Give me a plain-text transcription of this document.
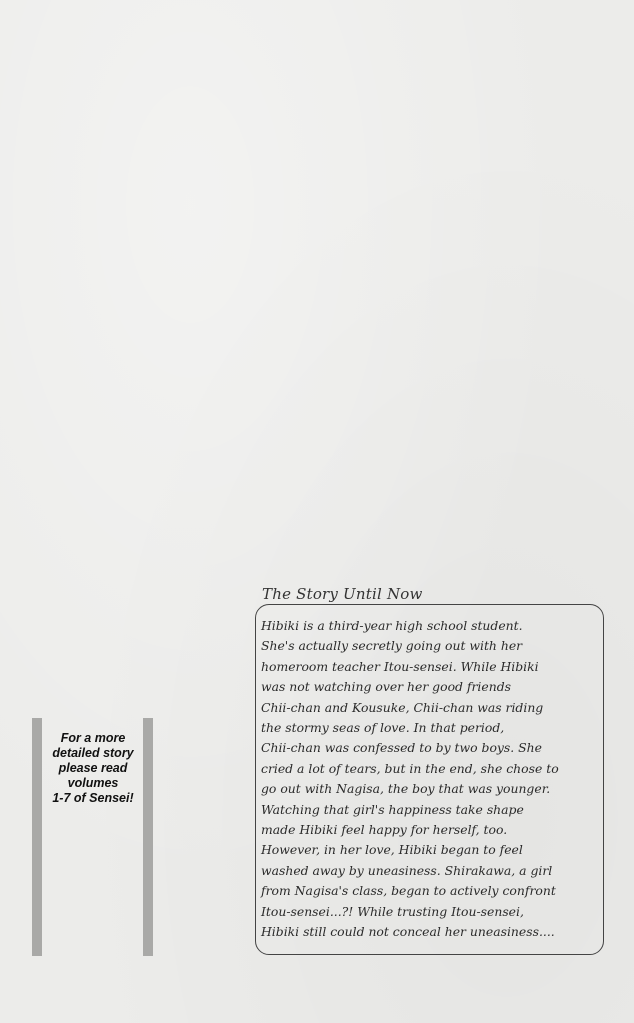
For a more
detailed story
please read
volumes
1-7 of Sensei!
The Story Until Now
Hibiki is a third-year high school student.
She's actually secretly going out with her
homeroom teacher Itou-sensei. While Hibiki
was not watching over her good friends
Chii-chan and Kousuke, Chii-chan was riding
the stormy seas of love. In that period,
Chii-chan was confessed to by two boys. She
cried a lot of tears, but in the end, she chose to
go out with Nagisa, the boy that was younger.
Watching that girl's happiness take shape
made Hibiki feel happy for herself, too.
However, in her love, Hibiki began to feel
washed away by uneasiness. Shirakawa, a girl
from Nagisa's class, began to actively confront
Itou-sensei...?! While trusting Itou-sensei,
Hibiki still could not conceal her uneasiness....
